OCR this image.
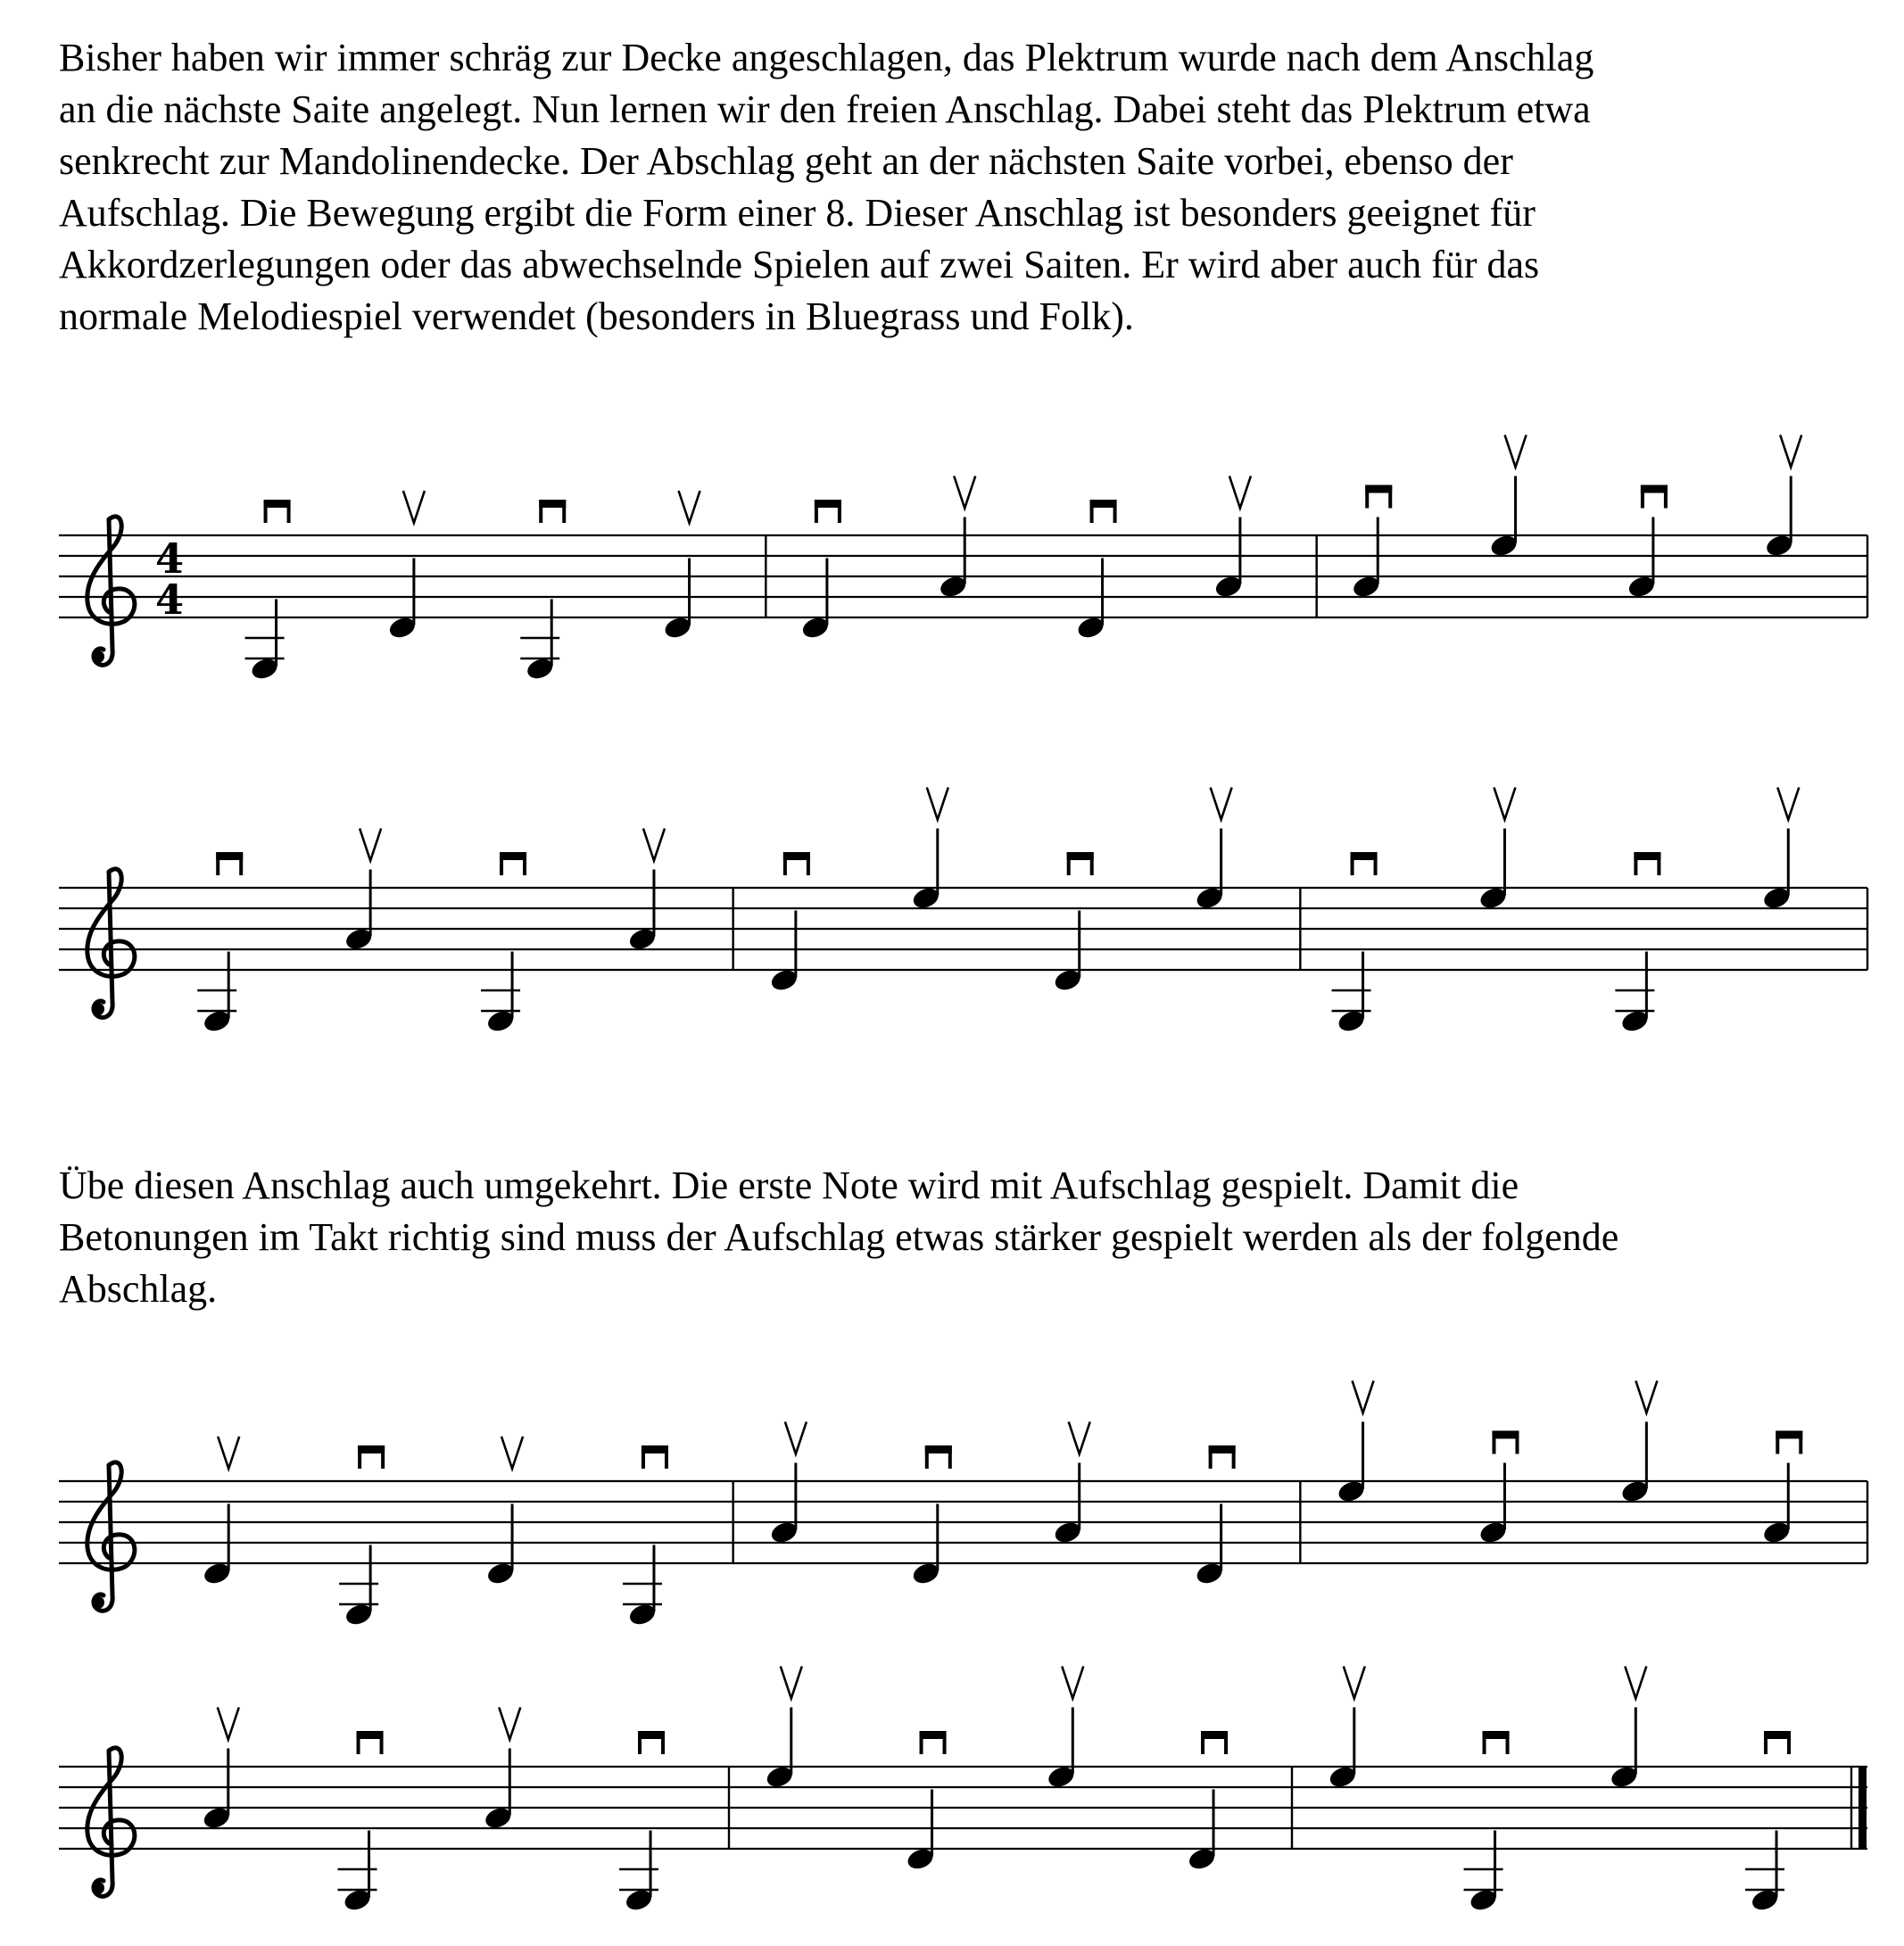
Bisher haben wir immer schräg zur Decke angeschlagen, das Plektrum wurde nach dem Anschlag
an die nächste Saite angelegt. Nun lernen wir den freien Anschlag. Dabei steht das Plektrum etwa
senkrecht zur Mandolinendecke. Der Abschlag geht an der nächsten Saite vorbei, ebenso der
Aufschlag. Die Bewegung ergibt die Form einer 8. Dieser Anschlag ist besonders geeignet für
Akkordzerlegungen oder das abwechselnde Spielen auf zwei Saiten. Er wird aber auch für das
normale Melodiespiel verwendet (besonders in Bluegrass und Folk).

4
4

Übe diesen Anschlag auch umgekehrt. Die erste Note wird mit Aufschlag gespielt. Damit die
Betonungen im Takt richtig sind muss der Aufschlag etwas stärker gespielt werden als der folgende
Abschlag.
